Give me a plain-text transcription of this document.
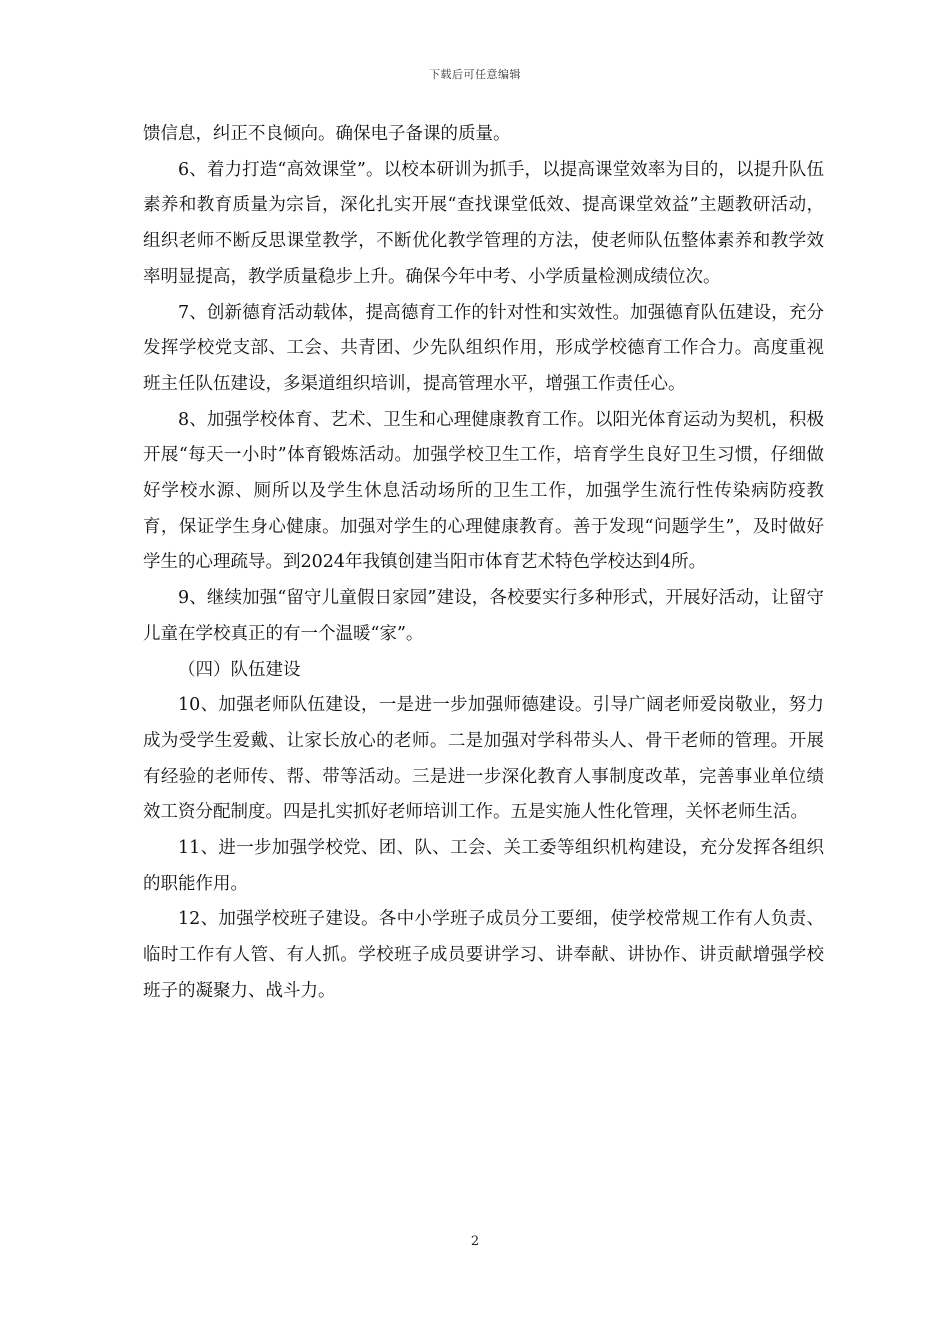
下载后可任意编辑

馈信息，纠正不良倾向。确保电子备课的质量。

6、着力打造“高效课堂”。以校本研训为抓手，以提高课堂效率为目的，以提升队伍素养和教育质量为宗旨，深化扎实开展“查找课堂低效、提高课堂效益”主题教研活动，组织老师不断反思课堂教学，不断优化教学管理的方法，使老师队伍整体素养和教学效率明显提高，教学质量稳步上升。确保今年中考、小学质量检测成绩位次。

7、创新德育活动载体，提高德育工作的针对性和实效性。加强德育队伍建设，充分发挥学校党支部、工会、共青团、少先队组织作用，形成学校德育工作合力。高度重视班主任队伍建设，多渠道组织培训，提高管理水平，增强工作责任心。

8、加强学校体育、艺术、卫生和心理健康教育工作。以阳光体育运动为契机，积极开展“每天一小时”体育锻炼活动。加强学校卫生工作，培育学生良好卫生习惯，仔细做好学校水源、厕所以及学生休息活动场所的卫生工作，加强学生流行性传染病防疫教育，保证学生身心健康。加强对学生的心理健康教育。善于发现“问题学生”，及时做好学生的心理疏导。到2024年我镇创建当阳市体育艺术特色学校达到4所。

9、继续加强“留守儿童假日家园”建设，各校要实行多种形式，开展好活动，让留守儿童在学校真正的有一个温暖“家”。

（四）队伍建设

10、加强老师队伍建设，一是进一步加强师德建设。引导广阔老师爱岗敬业，努力成为受学生爱戴、让家长放心的老师。二是加强对学科带头人、骨干老师的管理。开展有经验的老师传、帮、带等活动。三是进一步深化教育人事制度改革，完善事业单位绩效工资分配制度。四是扎实抓好老师培训工作。五是实施人性化管理，关怀老师生活。

11、进一步加强学校党、团、队、工会、关工委等组织机构建设，充分发挥各组织的职能作用。

12、加强学校班子建设。各中小学班子成员分工要细，使学校常规工作有人负责、临时工作有人管、有人抓。学校班子成员要讲学习、讲奉献、讲协作、讲贡献增强学校班子的凝聚力、战斗力。

2
